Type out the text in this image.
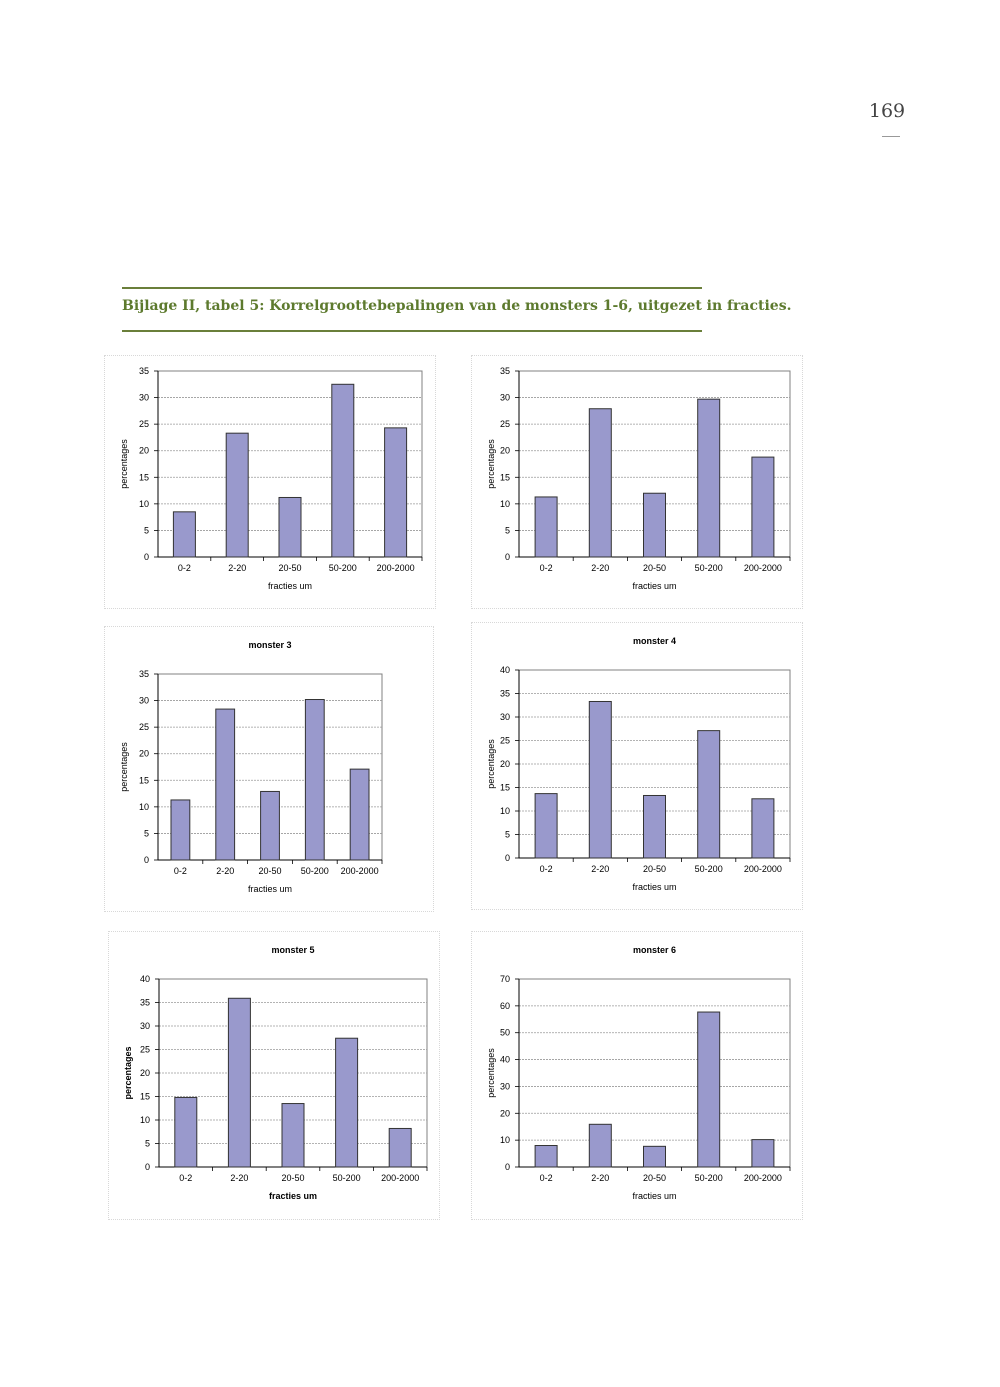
169
Bijlage II, tabel 5: Korrelgroottebepalingen van de monsters 1-6, uitgezet in fracties.
0
5
10
15
20
25
30
35
0-2	2-20	20-50	50-200 200-2000
fracties um
percentages
0
5
10
15
20
25
30
35
0-2	2-20	20-50	50-200 200-2000
fracties um
percentages
0
5
10
15
20
25
30
35
0-2	2-20	20-50 50-200 200-2000
fracties um
percentages
monster 3
0
5
10
15
20
25
30
35
40
0-2	2-20	20-50	50-200 200-2000
fracties um
percentages
monster 4
0
5
10
15
20
25
30
35
40
0-2	2-20	20-50	50-200 200-2000
fracties um
percentages
monster 5
0
10
20
30
40
50
60
70
0-2	2-20	20-50	50-200 200-2000
fracties um
percentages
monster 6
